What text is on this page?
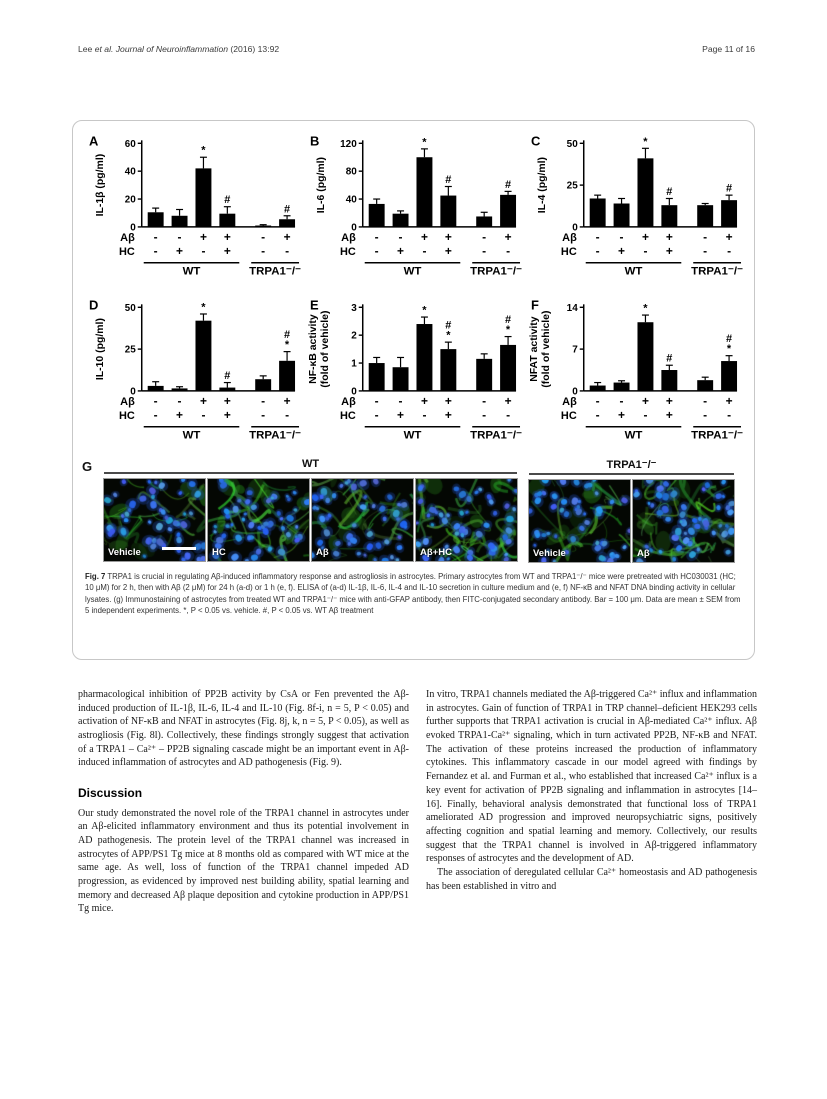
Lee et al. Journal of Neuroinflammation (2016) 13:92	Page 11 of 16
A
IL-1β (pg/ml)
0
20
40
60
*
#
#
Aβ - - + +	- +
HC - + - +	- -
WT	TRPA1⁻/⁻
B
IL-6 (pg/ml)
0
40
80
120	*
#	#
Aβ - - + +	- +
HC - + - +	- -
WT	TRPA1⁻/⁻
C
IL-4 (pg/ml)
0
25
50	*
#	#
Aβ - - + +	- +
HC - + - +	- -
WT	TRPA1⁻/⁻
D
IL-10 (pg/ml)
0
25
50	*
#
*
#
Aβ - - + +	- +
HC - + - +	- -
WT	TRPA1⁻/⁻
E
NF-κB activity (fold of vehicle)
0
1
2
3	*
*
#	*
#
Aβ - - + +	- +
HC - + - +	- -
WT	TRPA1⁻/⁻
F
NFAT activity (fold of vehicle)
0
7
14	*
#
*
#
Aβ - - + +	- +
HC - + - +	- -
WT	TRPA1⁻/⁻
G	WT
Vehicle	HC	Aβ	Aβ+HC
TRPA1⁻/⁻
Vehicle	Aβ
Fig. 7 TRPA1 is crucial in regulating Aβ-induced inflammatory response and astrogliosis in astrocytes. Primary astrocytes from WT and TRPA1⁻/⁻ mice were pretreated with HC030031 (HC; 10 μM) for 2 h, then with Aβ (2 μM) for 24 h (a-d) or 1 h (e, f). ELISA of (a-d) IL-1β, IL-6, IL-4 and IL-10 secretion in culture medium and (e, f) NF-κB and NFAT DNA binding activity in cellular lysates. (g) Immunostaining of astrocytes from treated WT and TRPA1⁻/⁻ mice with anti-GFAP antibody, then FITC-conjugated secondary antibody. Bar = 100 μm. Data are mean ± SEM from 5 independent experiments. *, P < 0.05 vs. vehicle. #, P < 0.05 vs. WT Aβ treatment

pharmacological inhibition of PP2B activity by CsA or Fen prevented the Aβ-induced production of IL-1β, IL-6, IL-4 and IL-10 (Fig. 8f-i, n = 5, P < 0.05) and activation of NF-κB and NFAT in astrocytes (Fig. 8j, k, n = 5, P < 0.05), as well as astrogliosis (Fig. 8l). Collectively, these findings strongly suggest that activation of a TRPA1 – Ca²⁺ – PP2B signaling cascade might be an important event in Aβ-induced inflammation of astrocytes and AD pathogenesis (Fig. 9).

Discussion

Our study demonstrated the novel role of the TRPA1 channel in astrocytes under an Aβ-elicited inflammatory environment and thus its potential involvement in AD pathogenesis. The protein level of the TRPA1 channel was increased in astrocytes of APP/PS1 Tg mice at 8 months old as compared with WT mice at the same age. As well, loss of function of the TRPA1 channel impeded AD progression, as evidenced by improved nest building ability, spatial learning and memory and decreased Aβ plaque deposition and cytokine production in APP/PS1 Tg mice.

In vitro, TRPA1 channels mediated the Aβ-triggered Ca²⁺ influx and inflammation in astrocytes. Gain of function of TRPA1 in TRP channel–deficient HEK293 cells further supports that TRPA1 activation is crucial in Aβ-mediated Ca²⁺ influx. Aβ evoked TRPA1-Ca²⁺ signaling, which in turn activated PP2B, NF-κB and NFAT. The activation of these proteins increased the production of inflammatory cytokines. This inflammatory cascade in our model agreed with findings by Fernandez et al. and Furman et al., who established that increased Ca²⁺ influx is a key event for activation of PP2B signaling and inflammation in astrocytes [14–16]. Finally, behavioral analysis demonstrated that functional loss of TRPA1 ameliorated AD progression and improved neuropsychiatric signs, positively affecting cognition and spatial learning and memory. Collectively, our results suggest that the TRPA1 channel is involved in Aβ-triggered inflammatory responses of astrocytes and the development of AD.

The association of deregulated cellular Ca²⁺ homeostasis and AD pathogenesis has been established in vitro and
